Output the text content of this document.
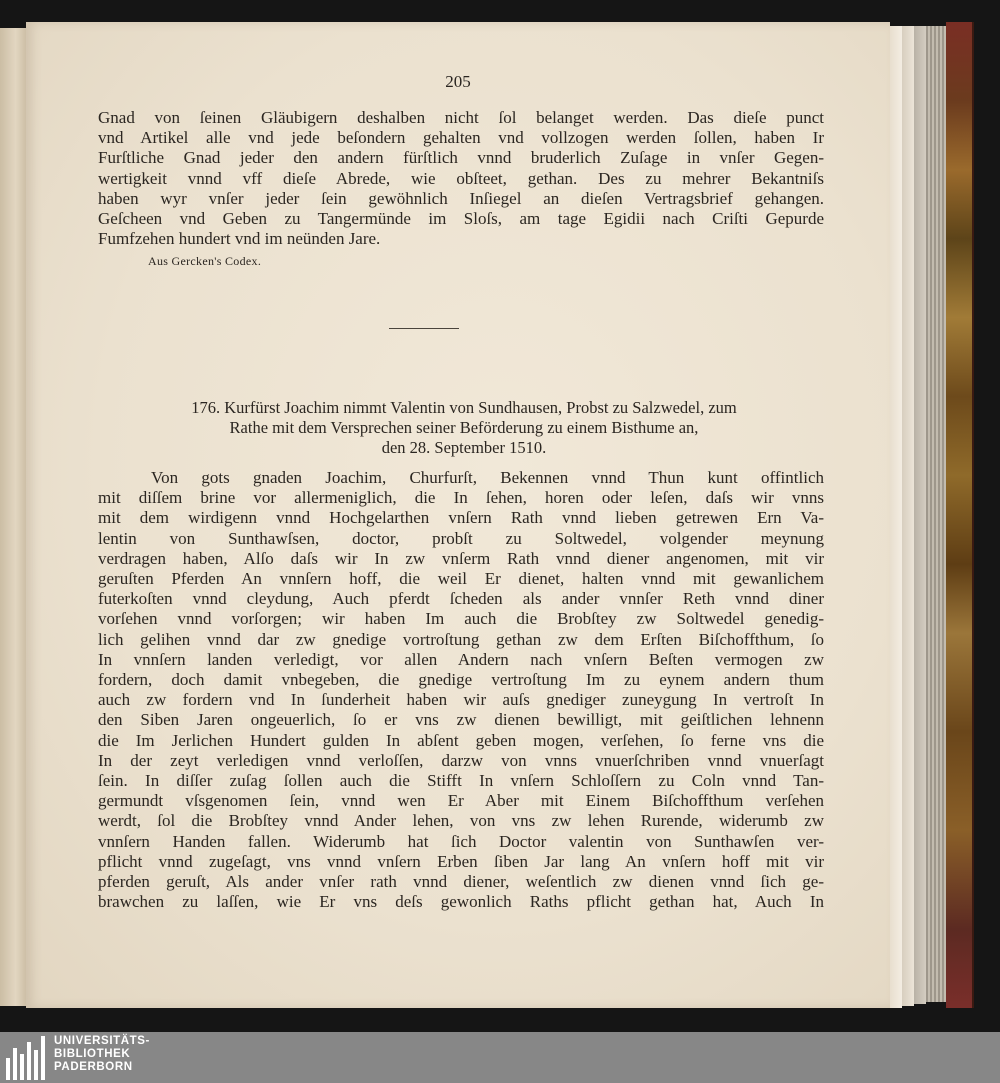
205
Gnad von ſeinen Gläubigern deshalben nicht ſol belanget werden. Das dieſe punct
vnd Artikel alle vnd jede beſondern gehalten vnd vollzogen werden ſollen, haben Ir
Furſtliche Gnad jeder den andern fürſtlich vnnd bruderlich Zuſage in vnſer Gegen-
wertigkeit vnnd vff dieſe Abrede, wie obſteet, gethan. Des zu mehrer Bekantniſs
haben wyr vnſer jeder ſein gewöhnlich Inſiegel an dieſen Vertragsbrief gehangen.
Geſcheen vnd Geben zu Tangermünde im Sloſs, am tage Egidii nach Criſti Gepurde
Fumfzehen hundert vnd im neünden Jare.
Aus Gercken's Codex.
176. Kurfürst Joachim nimmt Valentin von Sundhausen, Probst zu Salzwedel, zum
Rathe mit dem Versprechen seiner Beförderung zu einem Bisthume an,
den 28. September 1510.
Von gots gnaden Joachim, Churfurſt, Bekennen vnnd Thun kunt offintlich
mit diſſem brine vor allermeniglich, die In ſehen, horen oder leſen, daſs wir vnns
mit dem wirdigenn vnnd Hochgelarthen vnſern Rath vnnd lieben getrewen Ern Va-
lentin von Sunthawſsen, doctor, probſt zu Soltwedel, volgender meynung
verdragen haben, Alſo daſs wir In zw vnſerm Rath vnnd diener angenomen, mit vir
geruſten Pferden An vnnſern hoff, die weil Er dienet, halten vnnd mit gewanlichem
futerkoſten vnnd cleydung, Auch pferdt ſcheden als ander vnnſer Reth vnnd diner
vorſehen vnnd vorſorgen; wir haben Im auch die Brobſtey zw Soltwedel genedig-
lich gelihen vnnd dar zw gnedige vortroſtung gethan zw dem Erſten Biſchoffthum, ſo
In vnnſern landen verledigt, vor allen Andern nach vnſern Beſten vermogen zw
fordern, doch damit vnbegeben, die gnedige vertroſtung Im zu eynem andern thum
auch zw fordern vnd In ſunderheit haben wir auſs gnediger zuneygung In vertroſt In
den Siben Jaren ongeuerlich, ſo er vns zw dienen bewilligt, mit geiſtlichen lehnenn
die Im Jerlichen Hundert gulden In abſent geben mogen, verſehen, ſo ferne vns die
In der zeyt verledigen vnnd verloſſen, darzw von vnns vnuerſchriben vnnd vnuerſagt
ſein. In diſſer zuſag ſollen auch die Stifft In vnſern Schloſſern zu Coln vnnd Tan-
germundt vſsgenomen ſein, vnnd wen Er Aber mit Einem Biſchoffthum verſehen
werdt, ſol die Brobſtey vnnd Ander lehen, von vns zw lehen Rurende, widerumb zw
vnnſern Handen fallen. Widerumb hat ſich Doctor valentin von Sunthawſen ver-
pflicht vnnd zugeſagt, vns vnnd vnſern Erben ſiben Jar lang An vnſern hoff mit vir
pferden geruſt, Als ander vnſer rath vnnd diener, weſentlich zw dienen vnnd ſich ge-
brawchen zu laſſen, wie Er vns deſs gewonlich Raths pflicht gethan hat, Auch In
UNIVERSITÄTS-
BIBLIOTHEK
PADERBORN
